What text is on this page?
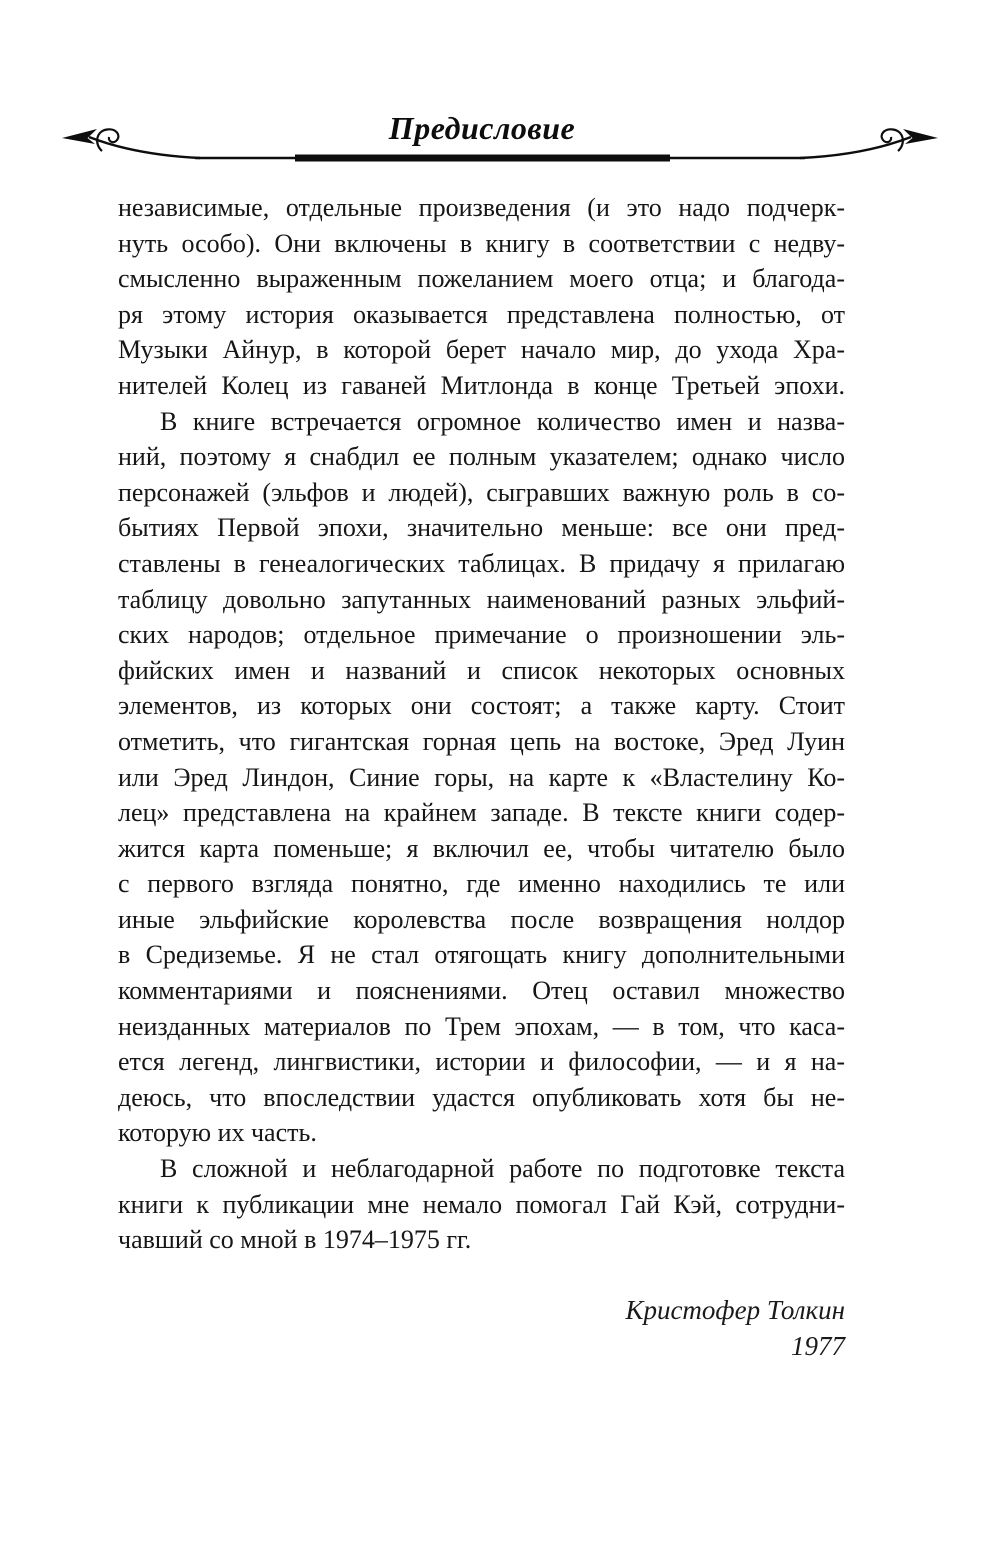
Предисловие
независимые, отдельные произведения (и это надо подчерк-
нуть особо). Они включены в книгу в соответствии с недву-
смысленно выраженным пожеланием моего отца; и благода-
ря этому история оказывается представлена полностью, от
Музыки Айнур, в которой берет начало мир, до ухода Хра-
нителей Колец из гаваней Митлонда в конце Третьей эпохи.
В книге встречается огромное количество имен и назва-
ний, поэтому я снабдил ее полным указателем; однако число
персонажей (эльфов и людей), сыгравших важную роль в со-
бытиях Первой эпохи, значительно меньше: все они пред-
ставлены в генеалогических таблицах. В придачу я прилагаю
таблицу довольно запутанных наименований разных эльфий-
ских народов; отдельное примечание о произношении эль-
фийских имен и названий и список некоторых основных
элементов, из которых они состоят; а также карту. Стоит
отметить, что гигантская горная цепь на востоке, Эред Луин
или Эред Линдон, Синие горы, на карте к «Властелину Ко-
лец» представлена на крайнем западе. В тексте книги содер-
жится карта поменьше; я включил ее, чтобы читателю было
с первого взгляда понятно, где именно находились те или
иные эльфийские королевства после возвращения нолдор
в Средиземье. Я не стал отягощать книгу дополнительными
комментариями и пояснениями. Отец оставил множество
неизданных материалов по Трем эпохам, — в том, что каса-
ется легенд, лингвистики, истории и философии, — и я на-
деюсь, что впоследствии удастся опубликовать хотя бы не-
которую их часть.
В сложной и неблагодарной работе по подготовке текста
книги к публикации мне немало помогал Гай Кэй, сотрудни-
чавший со мной в 1974–1975 гг.
Кристофер Толкин
1977
